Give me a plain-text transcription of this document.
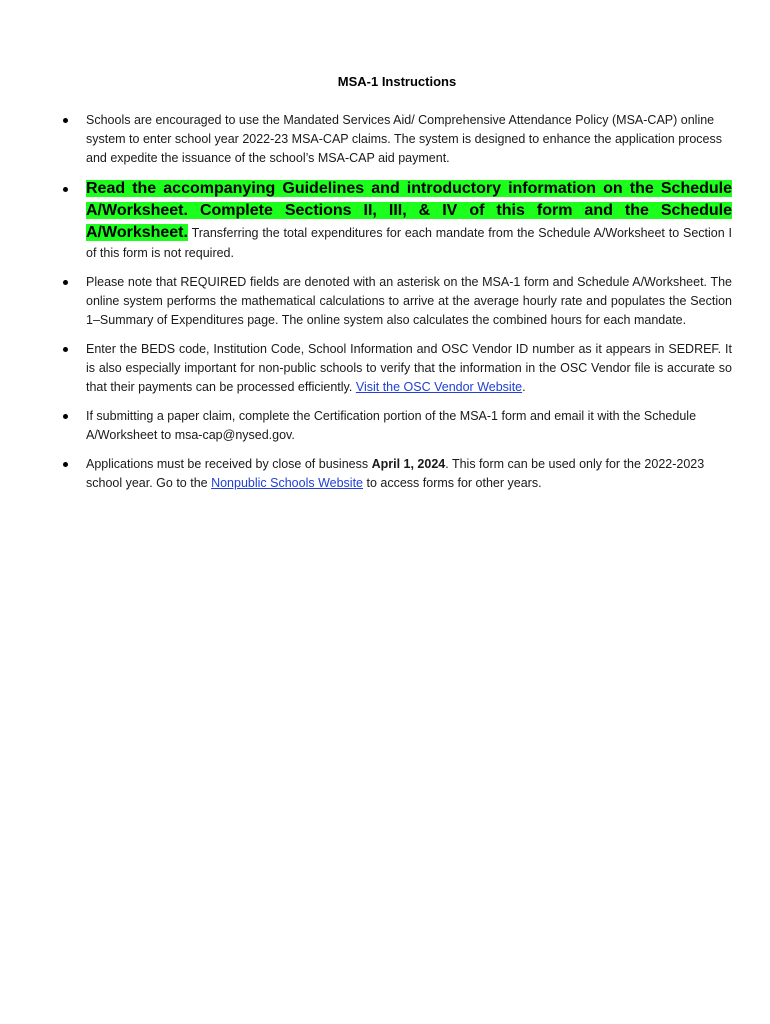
MSA-1 Instructions
Schools are encouraged to use the Mandated Services Aid/ Comprehensive Attendance Policy (MSA-CAP) online system to enter school year 2022-23 MSA-CAP claims. The system is designed to enhance the application process and expedite the issuance of the school’s MSA-CAP aid payment.
Read the accompanying Guidelines and introductory information on the Schedule A/Worksheet. Complete Sections II, III, & IV of this form and the Schedule A/Worksheet. Transferring the total expenditures for each mandate from the Schedule A/Worksheet to Section I of this form is not required.
Please note that REQUIRED fields are denoted with an asterisk on the MSA-1 form and Schedule A/Worksheet. The online system performs the mathematical calculations to arrive at the average hourly rate and populates the Section 1–Summary of Expenditures page. The online system also calculates the combined hours for each mandate.
Enter the BEDS code, Institution Code, School Information and OSC Vendor ID number as it appears in SEDREF. It is also especially important for non-public schools to verify that the information in the OSC Vendor file is accurate so that their payments can be processed efficiently. Visit the OSC Vendor Website.
If submitting a paper claim, complete the Certification portion of the MSA-1 form and email it with the Schedule A/Worksheet to msa-cap@nysed.gov.
Applications must be received by close of business April 1, 2024. This form can be used only for the 2022-2023 school year. Go to the Nonpublic Schools Website to access forms for other years.
